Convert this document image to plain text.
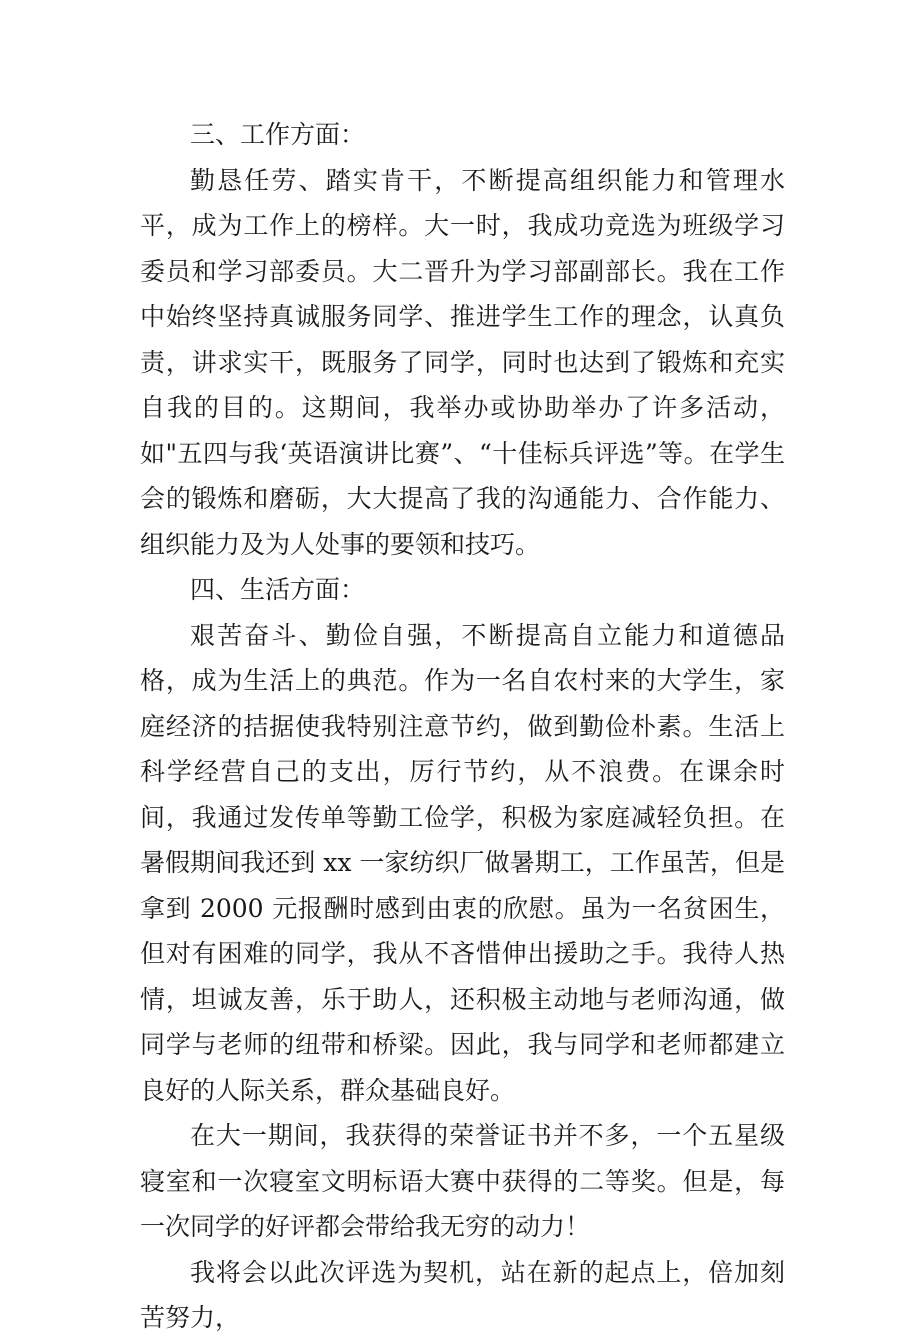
三、工作方面：

勤恳任劳、踏实肯干，不断提高组织能力和管理水平，成为工作上的榜样。大一时，我成功竞选为班级学习委员和学习部委员。大二晋升为学习部副部长。我在工作中始终坚持真诚服务同学、推进学生工作的理念，认真负责，讲求实干，既服务了同学，同时也达到了锻炼和充实自我的目的。这期间，我举办或协助举办了许多活动，如"五四与我‘英语演讲比赛”、“十佳标兵评选”等。在学生会的锻炼和磨砺，大大提高了我的沟通能力、合作能力、组织能力及为人处事的要领和技巧。

四、生活方面：

艰苦奋斗、勤俭自强，不断提高自立能力和道德品格，成为生活上的典范。作为一名自农村来的大学生，家庭经济的拮据使我特别注意节约，做到勤俭朴素。生活上科学经营自己的支出，厉行节约，从不浪费。在课余时间，我通过发传单等勤工俭学，积极为家庭减轻负担。在暑假期间我还到 xx 一家纺织厂做暑期工，工作虽苦，但是拿到 2000 元报酬时感到由衷的欣慰。虽为一名贫困生，但对有困难的同学，我从不吝惜伸出援助之手。我待人热情，坦诚友善，乐于助人，还积极主动地与老师沟通，做同学与老师的纽带和桥梁。因此，我与同学和老师都建立良好的人际关系，群众基础良好。

在大一期间，我获得的荣誉证书并不多，一个五星级寝室和一次寝室文明标语大赛中获得的二等奖。但是，每一次同学的好评都会带给我无穷的动力！

我将会以此次评选为契机，站在新的起点上，倍加刻苦努力，
